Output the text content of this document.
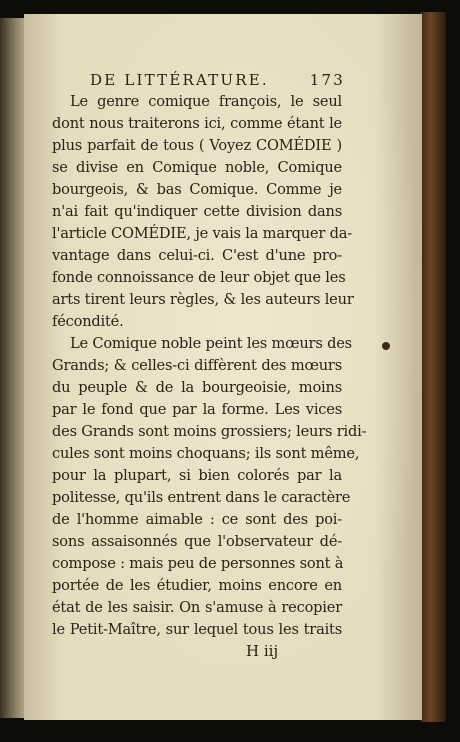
DE LITTÉRATURE.	173
Le genre comique françois, le seul
dont nous traiterons ici, comme étant le
plus parfait de tous ( Voyez COMÉDIE )
se divise en Comique noble, Comique
bourgeois, & bas Comique. Comme je
n'ai fait qu'indiquer cette division dans
l'article COMÉDIE, je vais la marquer da-
vantage dans celui-ci. C'est d'une pro-
fonde connoissance de leur objet que les
arts tirent leurs règles, & les auteurs leur
fécondité.
Le Comique noble peint les mœurs des
Grands; & celles-ci diffèrent des mœurs
du peuple & de la bourgeoisie, moins
par le fond que par la forme. Les vices
des Grands sont moins grossiers; leurs ridi-
cules sont moins choquans; ils sont même,
pour la plupart, si bien colorés par la
politesse, qu'ils entrent dans le caractère
de l'homme aimable : ce sont des poi-
sons assaisonnés que l'observateur dé-
compose : mais peu de personnes sont à
portée de les étudier, moins encore en
état de les saisir. On s'amuse à recopier
le Petit-Maître, sur lequel tous les traits
H iij
